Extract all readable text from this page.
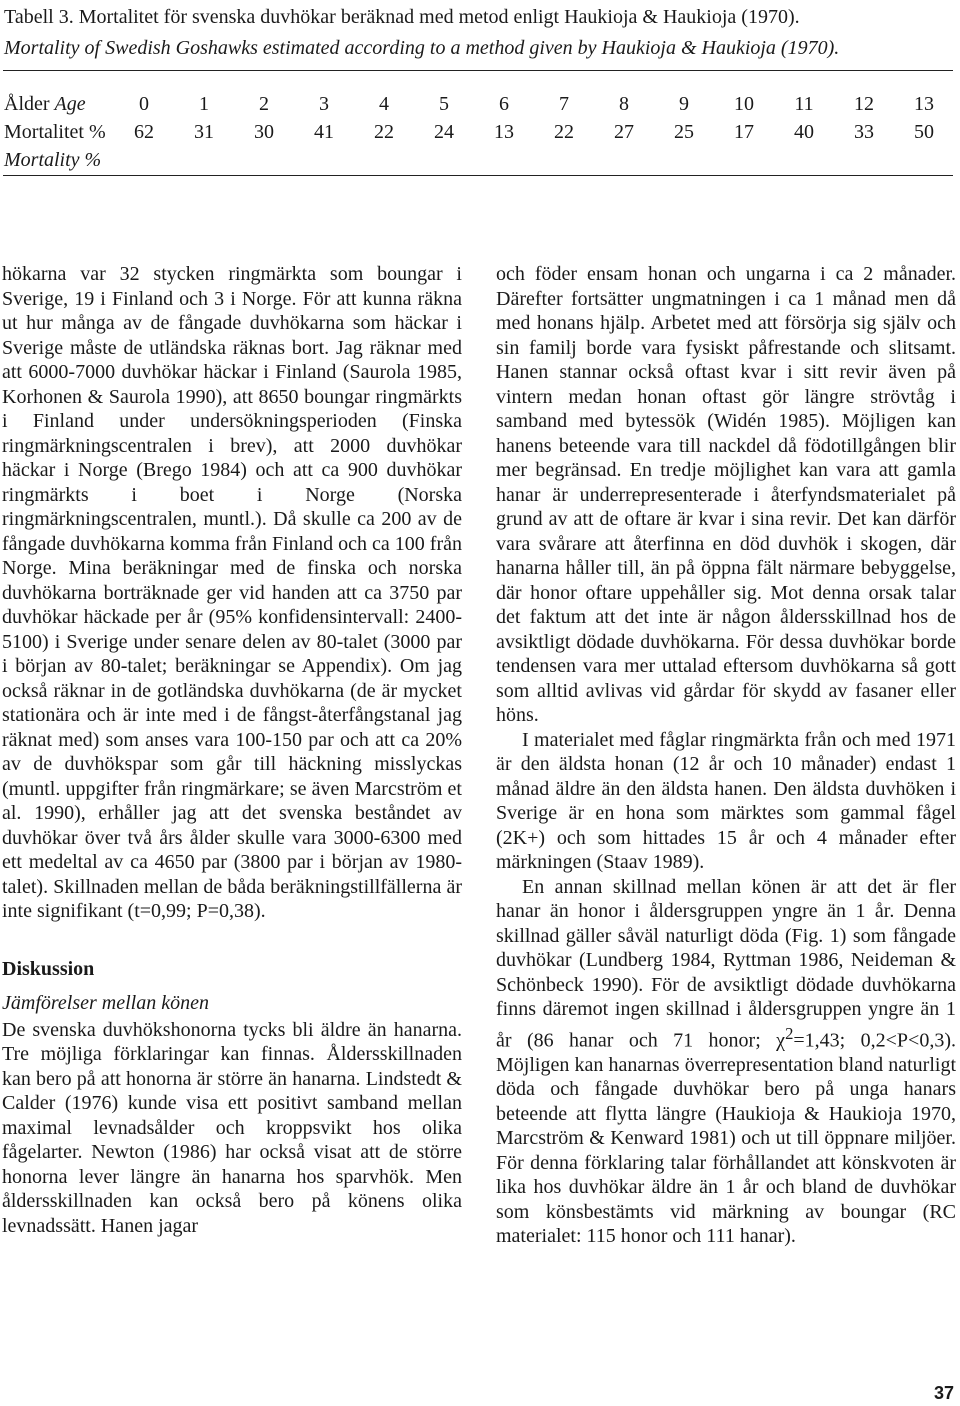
Tabell 3. Mortalitet för svenska duvhökar beräknad med metod enligt Haukioja & Haukioja (1970).
Mortality of Swedish Goshawks estimated according to a method given by Haukioja & Haukioja (1970).
Ålder Age	0	1	2	3	4	5	6	7	8	9	10	11	12	13
Mortalitet %	62	31	30	41	22	24	13	22	27	25	17	40	33	50
Mortality %														

hökarna var 32 stycken ringmärkta som boungar i Sverige, 19 i Finland och 3 i Norge. För att kunna räkna ut hur många av de fångade duvhökarna som häckar i Sverige måste de utländska räknas bort. Jag räknar med att 6000-7000 duvhökar häckar i Finland (Saurola 1985, Korhonen & Saurola 1990), att 8650 boungar ringmärkts i Finland under undersökningsperioden (Finska ringmärkningscentralen i brev), att 2000 duvhökar häckar i Norge (Brego 1984) och att ca 900 duvhökar ringmärkts i boet i Norge (Norska ringmärkningscentralen, muntl.). Då skulle ca 200 av de fångade duvhökarna komma från Finland och ca 100 från Norge. Mina beräkningar med de finska och norska duvhökarna borträknade ger vid handen att ca 3750 par duvhökar häckade per år (95% konfidensintervall: 2400-5100) i Sverige under senare delen av 80-talet (3000 par i början av 80-talet; beräkningar se Appendix). Om jag också räknar in de gotländska duvhökarna (de är mycket stationära och är inte med i de fångst-återfångstanal jag räknat med) som anses vara 100-150 par och att ca 20% av de duvhökspar som går till häckning misslyckas (muntl. uppgifter från ringmärkare; se även Marcström et al. 1990), erhåller jag att det svenska beståndet av duvhökar över två års ålder skulle vara 3000-6300 med ett medeltal av ca 4650 par (3800 par i början av 1980-talet). Skillnaden mellan de båda beräkningstillfällerna är inte signifikant (t=0,99; P=0,38).

Diskussion

Jämförelser mellan könen

De svenska duvhökshonorna tycks bli äldre än hanarna. Tre möjliga förklaringar kan finnas. Åldersskillnaden kan bero på att honorna är större än hanarna. Lindstedt & Calder (1976) kunde visa ett positivt samband mellan maximal levnadsålder och kroppsvikt hos olika fågelarter. Newton (1986) har också visat att de större honorna lever längre än hanarna hos sparvhök. Men åldersskillnaden kan också bero på könens olika levnadssätt. Hanen jagar

och föder ensam honan och ungarna i ca 2 månader. Därefter fortsätter ungmatningen i ca 1 månad men då med honans hjälp. Arbetet med att försörja sig själv och sin familj borde vara fysiskt påfrestande och slitsamt. Hanen stannar också oftast kvar i sitt revir även på vintern medan honan oftast gör längre strövtåg i samband med bytessök (Widén 1985). Möjligen kan hanens beteende vara till nackdel då födotillgången blir mer begränsad. En tredje möjlighet kan vara att gamla hanar är underrepresenterade i återfyndsmaterialet på grund av att de oftare är kvar i sina revir. Det kan därför vara svårare att återfinna en död duvhök i skogen, där hanarna håller till, än på öppna fält närmare bebyggelse, där honor oftare uppehåller sig. Mot denna orsak talar det faktum att det inte är någon åldersskillnad hos de avsiktligt dödade duvhökarna. För dessa duvhökar borde tendensen vara mer uttalad eftersom duvhökarna så gott som alltid avlivas vid gårdar för skydd av fasaner eller höns.

I materialet med fåglar ringmärkta från och med 1971 är den äldsta honan (12 år och 10 månader) endast 1 månad äldre än den äldsta hanen. Den äldsta duvhöken i Sverige är en hona som märktes som gammal fågel (2K+) och som hittades 15 år och 4 månader efter märkningen (Staav 1989).

En annan skillnad mellan könen är att det är fler hanar än honor i åldersgruppen yngre än 1 år. Denna skillnad gäller såväl naturligt döda (Fig. 1) som fångade duvhökar (Lundberg 1984, Ryttman 1986, Neideman & Schönbeck 1990). För de avsiktligt dödade duvhökarna finns däremot ingen skillnad i åldersgruppen yngre än 1 år (86 hanar och 71 honor; $\chi^2=1,43$; 0,2<P<0,3). Möjligen kan hanarnas överrepresentation bland naturligt döda och fångade duvhökar bero på unga hanars beteende att flytta längre (Haukioja & Haukioja 1970, Marcström & Kenward 1981) och ut till öppnare miljöer. För denna förklaring talar förhållandet att könskvoten är lika hos duvhökar äldre än 1 år och bland de duvhökar som könsbestämts vid märkning av boungar (RC materialet: 115 honor och 111 hanar).

37
